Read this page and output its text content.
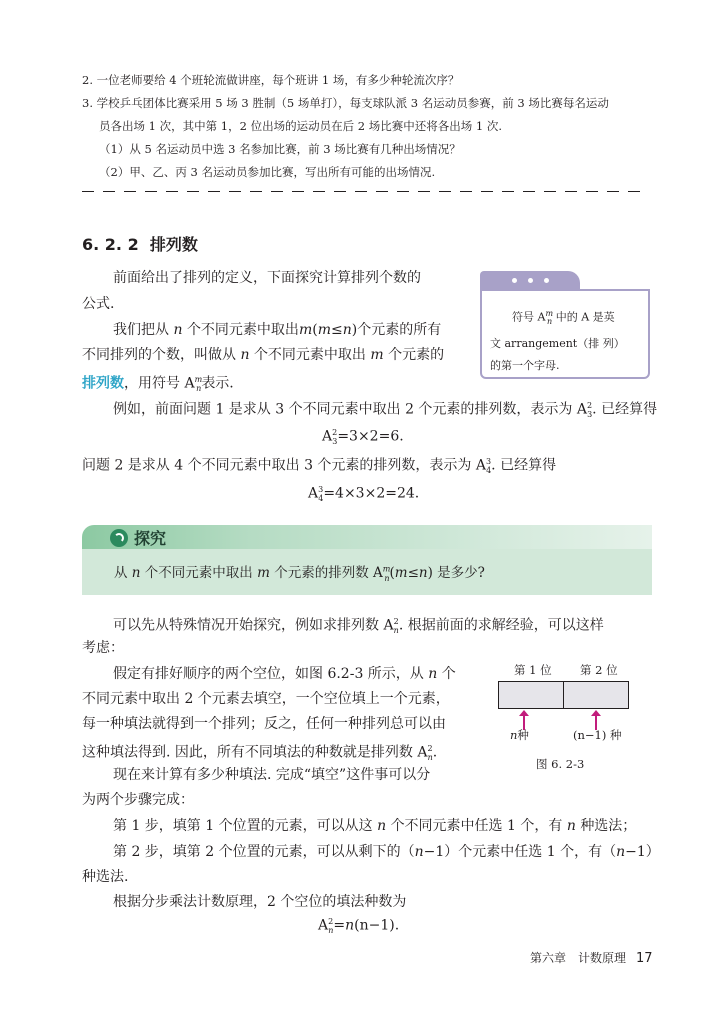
2. 一位老师要给 4 个班轮流做讲座，每个班讲 1 场，有多少种轮流次序？
3. 学校乒乓团体比赛采用 5 场 3 胜制（5 场单打），每支球队派 3 名运动员参赛，前 3 场比赛每名运动
员各出场 1 次，其中第 1，2 位出场的运动员在后 2 场比赛中还将各出场 1 次.
（1）从 5 名运动员中选 3 名参加比赛，前 3 场比赛有几种出场情况？
（2）甲、乙、丙 3 名运动员参加比赛，写出所有可能的出场情况.
6. 2. 2 排列数
前面给出了排列的定义，下面探究计算排列个数的
公式.
我们把从 n 个不同元素中取出m(m≤n)个元素的所有
不同排列的个数，叫做从 n 个不同元素中取出 m 个元素的
排列数，用符号 $A^m_n$表示.
符号 $A^m_n$ 中的 A 是英
文 arrangement（排 列）
的第一个字母.
例如，前面问题 1 是求从 3 个不同元素中取出 2 个元素的排列数，表示为 $A^2_3$. 已经算得
$A^2_3=3\times 2=6$.
问题 2 是求从 4 个不同元素中取出 3 个元素的排列数，表示为 $A^3_4$. 已经算得
$A^3_4=4\times 3\times 2=24$.
探究
从 n 个不同元素中取出 m 个元素的排列数 $A^m_n(m\le n)$ 是多少?
可以先从特殊情况开始探究，例如求排列数 $A^2_n$. 根据前面的求解经验，可以这样
考虑：
假定有排好顺序的两个空位，如图 6.2-3 所示，从 n 个
不同元素中取出 2 个元素去填空，一个空位填上一个元素，
每一种填法就得到一个排列；反之，任何一种排列总可以由
这种填法得到. 因此，所有不同填法的种数就是排列数 $A^2_n$.
现在来计算有多少种填法. 完成“填空”这件事可以分
为两个步骤完成：
第 1 步，填第 1 个位置的元素，可以从这 n 个不同元素中任选 1 个，有 n 种选法；
第 2 步，填第 2 个位置的元素，可以从剩下的（n−1）个元素中任选 1 个，有（n−1）
种选法.
根据分步乘法计数原理，2 个空位的填法种数为
$A^2_n=n(n-1)$.
第 1 位 第 2 位
n种	(n−1) 种
图 6. 2-3
第六章　计数原理 17
